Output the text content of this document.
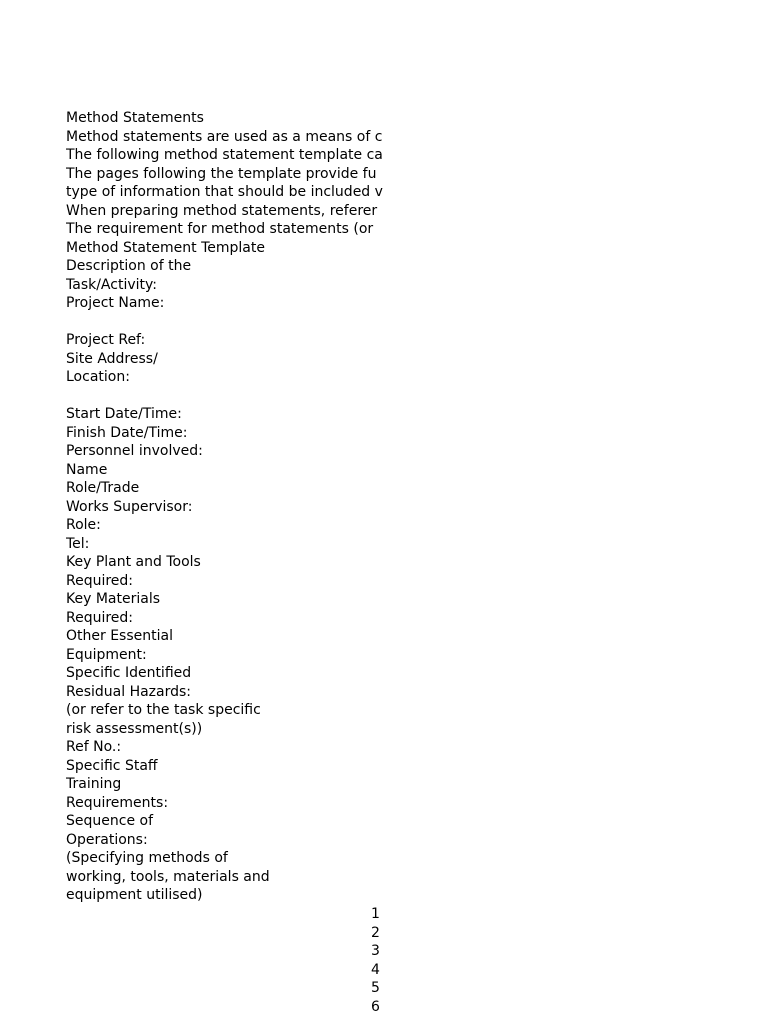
Method Statements
Method statements are used as a means of c
The following method statement template ca
The pages following the template provide fu
type of information that should be included v
When preparing method statements, referer
The requirement for method statements (or
Method Statement Template
Description of the
Task/Activity:
Project Name:
Project Ref:
Site Address/
Location:
Start Date/Time:
Finish Date/Time:
Personnel involved:
Name
Role/Trade
Works Supervisor:
Role:
Tel:
Key Plant and Tools
Required:
Key Materials
Required:
Other Essential
Equipment:
Specific Identified
Residual Hazards:
(or refer to the task specific
risk assessment(s))
Ref No.:
Specific Staff
Training
Requirements:
Sequence of
Operations:
(Specifying methods of
working, tools, materials and
equipment utilised)
1
2
3
4
5
6
